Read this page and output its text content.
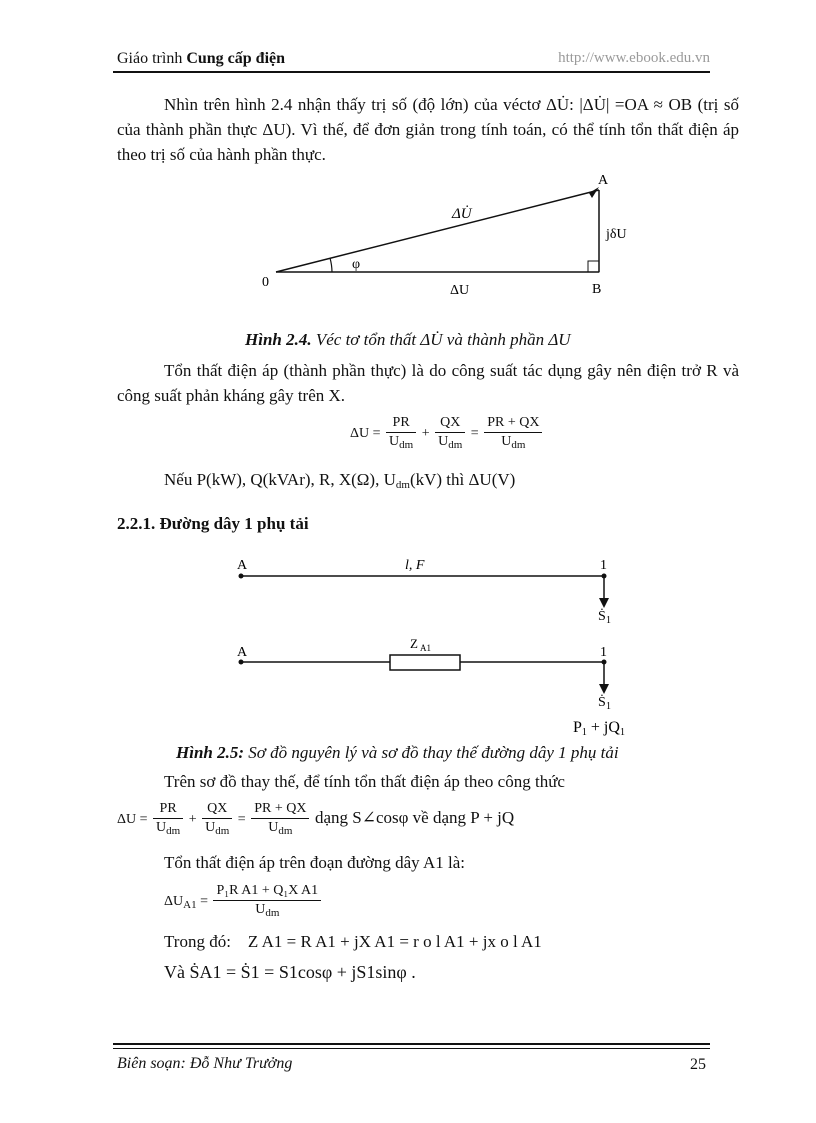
Giáo trình Cung cấp điện	http://www.ebook.edu.vn
Nhìn trên hình 2.4 nhận thấy trị số (độ lớn) của véctơ ΔU̇: |ΔU̇| =OA ≈ OB (trị số của thành phần thực ΔU). Vì thế, để đơn giản trong tính toán, có thể tính tổn thất điện áp theo trị số của hành phần thực.
A
B
0
ΔU̇
jδU
φ
ΔU
Hình 2.4. Véc tơ tổn thất ΔU̇ và thành phần ΔU
Tổn thất điện áp (thành phần thực) là do công suất tác dụng gây nên điện trở R và công suất phản kháng gây trên X.
$\Delta U = \frac{PR}{U_{dm}} + \frac{QX}{U_{dm}} = \frac{PR + QX}{U_{dm}}$
Nếu P(kW), Q(kVAr), R, X(Ω), $U_{dm}(kV)$ thì ΔU(V)
2.2.1. Đường dây 1 phụ tải
A	l, F	1
Ṡ 1
A
Z A1	1
Ṡ 1
P1 + jQ1
Hình 2.5: Sơ đồ nguyên lý và sơ đồ thay thế đường dây 1 phụ tải
Trên sơ đồ thay thế, để tính tổn thất điện áp theo công thức
$\Delta U = \frac{PR}{U_{dm}} + \frac{QX}{U_{dm}} = \frac{PR + QX}{U_{dm}}$ dạng S∠cosφ về dạng P + jQ
Tổn thất điện áp trên đoạn đường dây A1 là:
$\Delta U_{A1} = \frac{\text{P₁R A1 + Q₁X A1}}{U_{dm}}$
Trong đó: Z A1 = R A1 + jX A1 = r o l A1 + jx o l A1
Và ṠA1 = Ṡ1 = S1cosφ + jS1sinφ .
Biên soạn: Đỗ Như Trưởng	25
